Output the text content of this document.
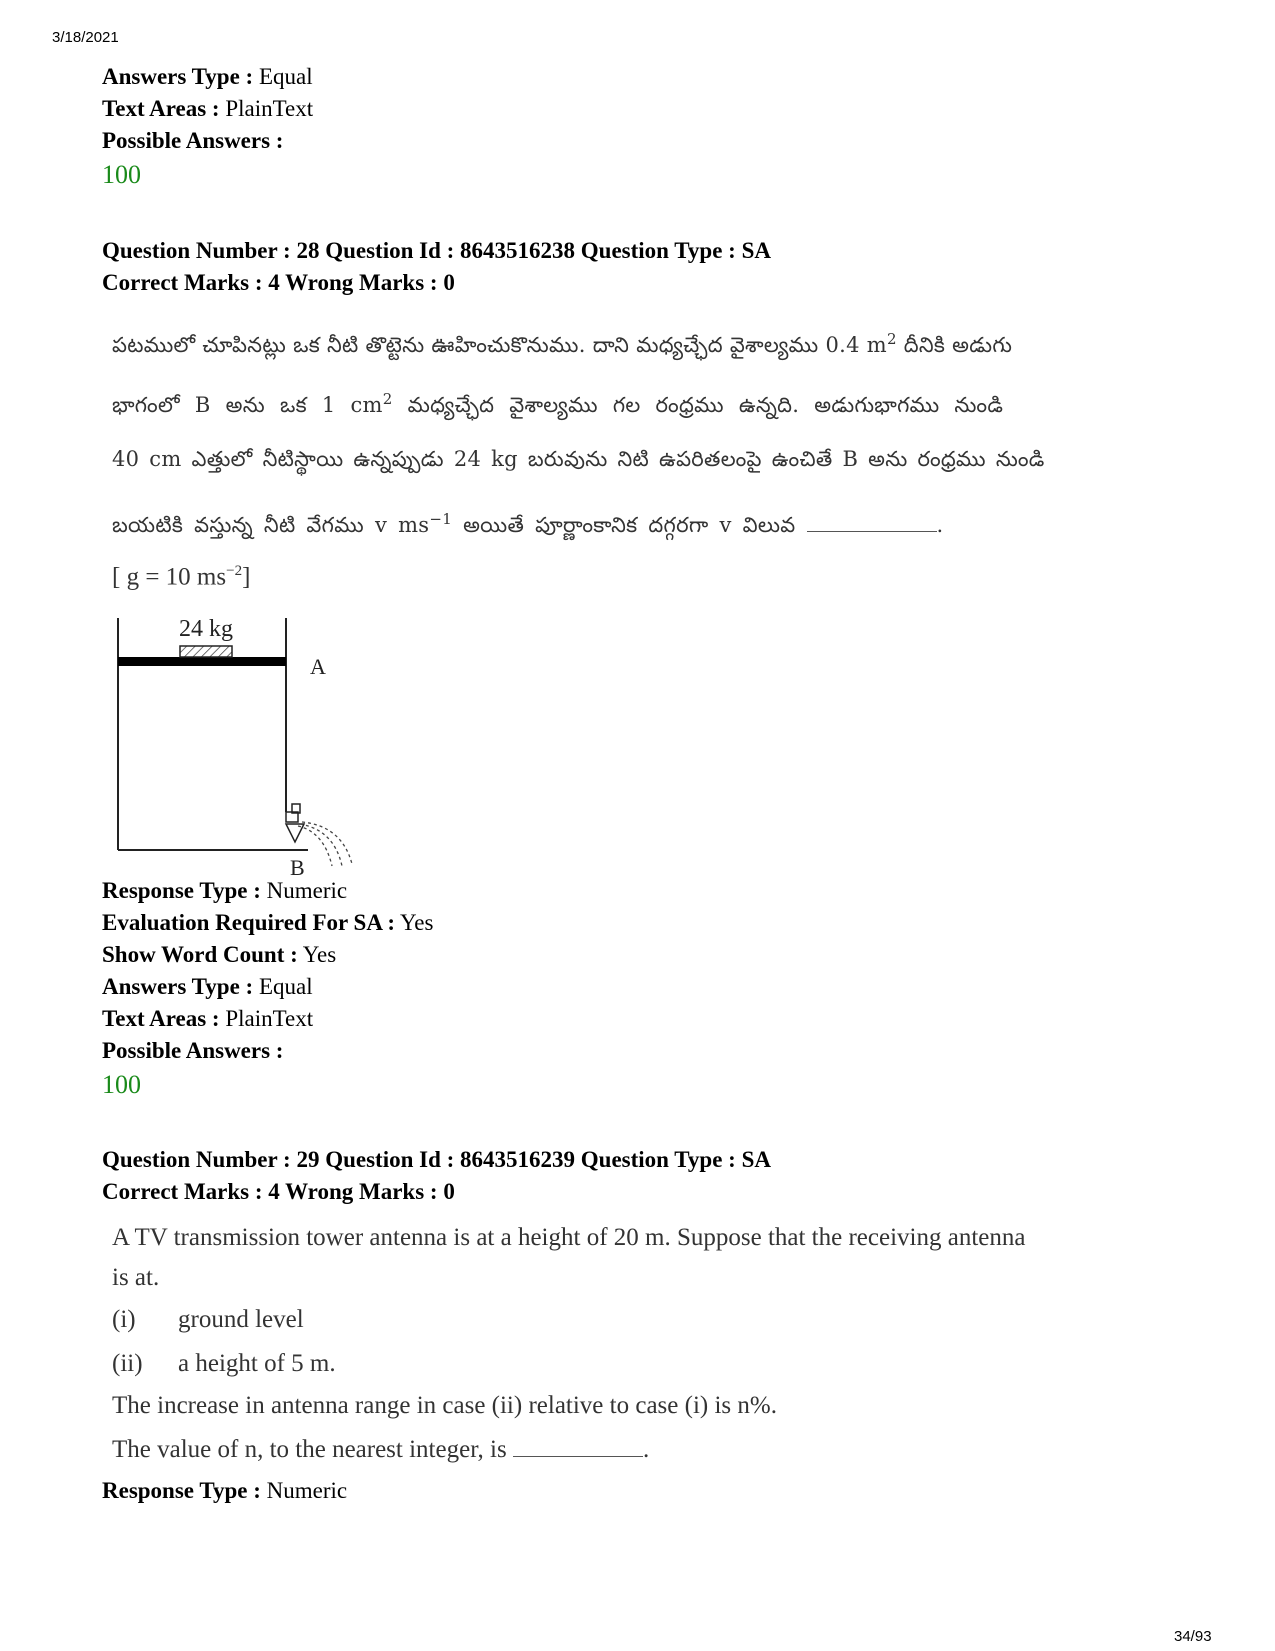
3/18/2021
Answers Type : Equal
Text Areas : PlainText
Possible Answers :
100
Question Number : 28 Question Id : 8643516238 Question Type : SA
Correct Marks : 4 Wrong Marks : 0
పటములో చూపినట్లు ఒక నీటి తొట్టెను ఊహించుకొనుము. దాని మధ్యచ్ఛేద వైశాల్యము 0.4 $m^2$ దీనికి అడుగు
భాగంలో B అను ఒక 1 $cm^2$ మధ్యచ్ఛేద వైశాల్యము గల రంధ్రము ఉన్నది. అడుగుభాగము నుండి
40 cm ఎత్తులో నీటిస్థాయి ఉన్నప్పుడు 24 kg బరువును నిటి ఉపరితలంపై ఉంచితే B అను రంధ్రము నుండి
బయటికి వస్తున్న నీటి వేగము v $ms^{-1}$ అయితే పూర్ణాంకానిక దగ్గరగా v విలువ	.
[ g = 10 $ms^{-2}$]
24 kg
A
B
Response Type : Numeric
Evaluation Required For SA : Yes
Show Word Count : Yes
Answers Type : Equal
Text Areas : PlainText
Possible Answers :
100
Question Number : 29 Question Id : 8643516239 Question Type : SA
Correct Marks : 4 Wrong Marks : 0
A TV transmission tower antenna is at a height of 20 m. Suppose that the receiving antenna
is at.
(i) ground level
(ii) a height of 5 m.
The increase in antenna range in case (ii) relative to case (i) is n%.
The value of n, to the nearest integer, is	.
Response Type : Numeric
34/93
